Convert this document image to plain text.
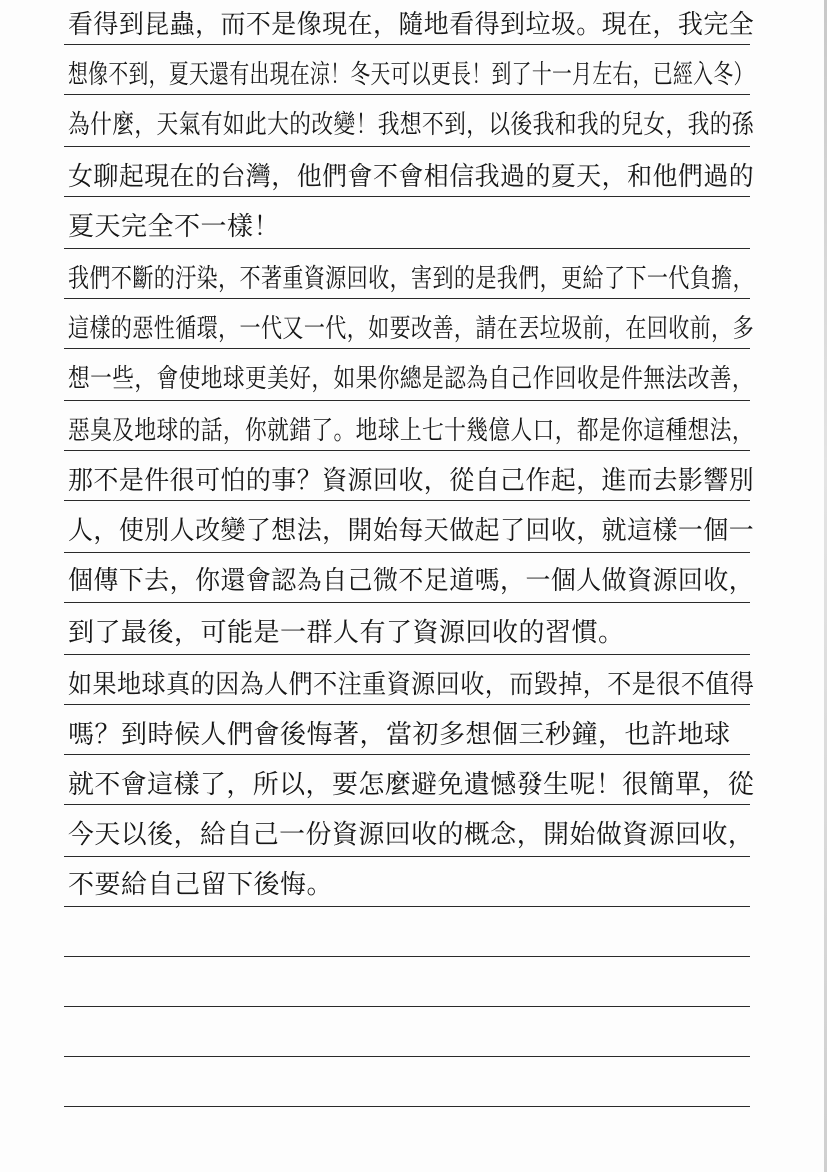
看得到昆蟲，而不是像現在，隨地看得到垃圾。現在，我完全
想像不到，夏天還有出現在涼！冬天可以更長！到了十一月左右，已經入冬）
為什麼，天氣有如此大的改變！我想不到，以後我和我的兒女，我的孫
女聊起現在的台灣，他們會不會相信我過的夏天，和他們過的
夏天完全不一樣！
我們不斷的汙染，不著重資源回收，害到的是我們，更給了下一代負擔，
這樣的惡性循環，一代又一代，如要改善，請在丟垃圾前，在回收前，多
想一些，會使地球更美好，如果你總是認為自己作回收是件無法改善，
惡臭及地球的話，你就錯了。地球上七十幾億人口，都是你這種想法，
那不是件很可怕的事？資源回收，從自己作起，進而去影響別
人，使別人改變了想法，開始每天做起了回收，就這樣一個一
個傳下去，你還會認為自己微不足道嗎，一個人做資源回收，
到了最後，可能是一群人有了資源回收的習慣。
如果地球真的因為人們不注重資源回收，而毀掉，不是很不值得
嗎？到時候人們會後悔著，當初多想個三秒鐘，也許地球
就不會這樣了，所以，要怎麼避免遺憾發生呢！很簡單，從
今天以後，給自己一份資源回收的概念，開始做資源回收，
不要給自己留下後悔。
